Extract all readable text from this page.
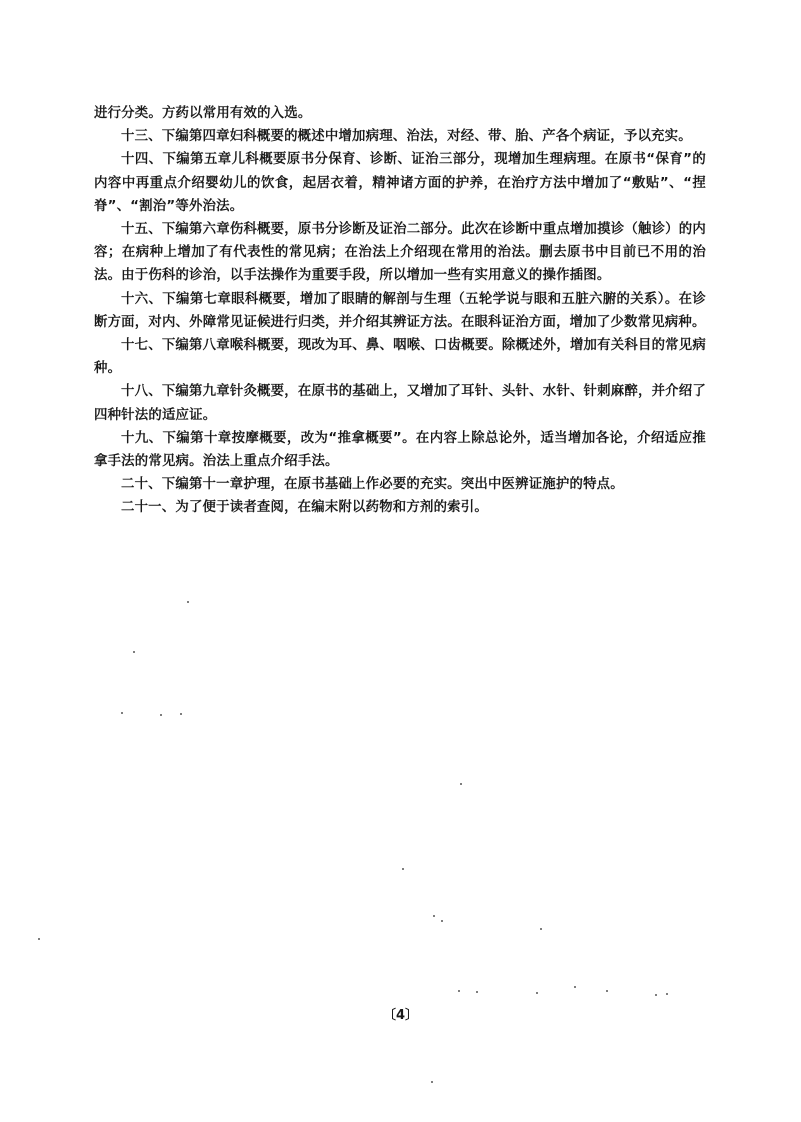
进行分类。方药以常用有效的入选。

十三、下编第四章妇科概要的概述中增加病理、治法，对经、带、胎、产各个病证，予以充实。

十四、下编第五章儿科概要原书分保育、诊断、证治三部分，现增加生理病理。在原书“保育”的内容中再重点介绍婴幼儿的饮食，起居衣着，精神诸方面的护养，在治疗方法中增加了“敷贴”、“捏脊”、“割治”等外治法。

十五、下编第六章伤科概要，原书分诊断及证治二部分。此次在诊断中重点增加摸诊（触诊）的内容；在病种上增加了有代表性的常见病；在治法上介绍现在常用的治法。删去原书中目前已不用的治法。由于伤科的诊治，以手法操作为重要手段，所以增加一些有实用意义的操作插图。

十六、下编第七章眼科概要，增加了眼睛的解剖与生理（五轮学说与眼和五脏六腑的关系）。在诊断方面，对内、外障常见证候进行归类，并介绍其辨证方法。在眼科证治方面，增加了少数常见病种。

十七、下编第八章喉科概要，现改为耳、鼻、咽喉、口齿概要。除概述外，增加有关科目的常见病种。

十八、下编第九章针灸概要，在原书的基础上，又增加了耳针、头针、水针、针刺麻醉，并介绍了四种针法的适应证。

十九、下编第十章按摩概要，改为“推拿概要”。在内容上除总论外，适当增加各论，介绍适应推拿手法的常见病。治法上重点介绍手法。

二十、下编第十一章护理，在原书基础上作必要的充实。突出中医辨证施护的特点。

二十一、为了便于读者查阅，在编末附以药物和方剂的索引。

〔4〕
